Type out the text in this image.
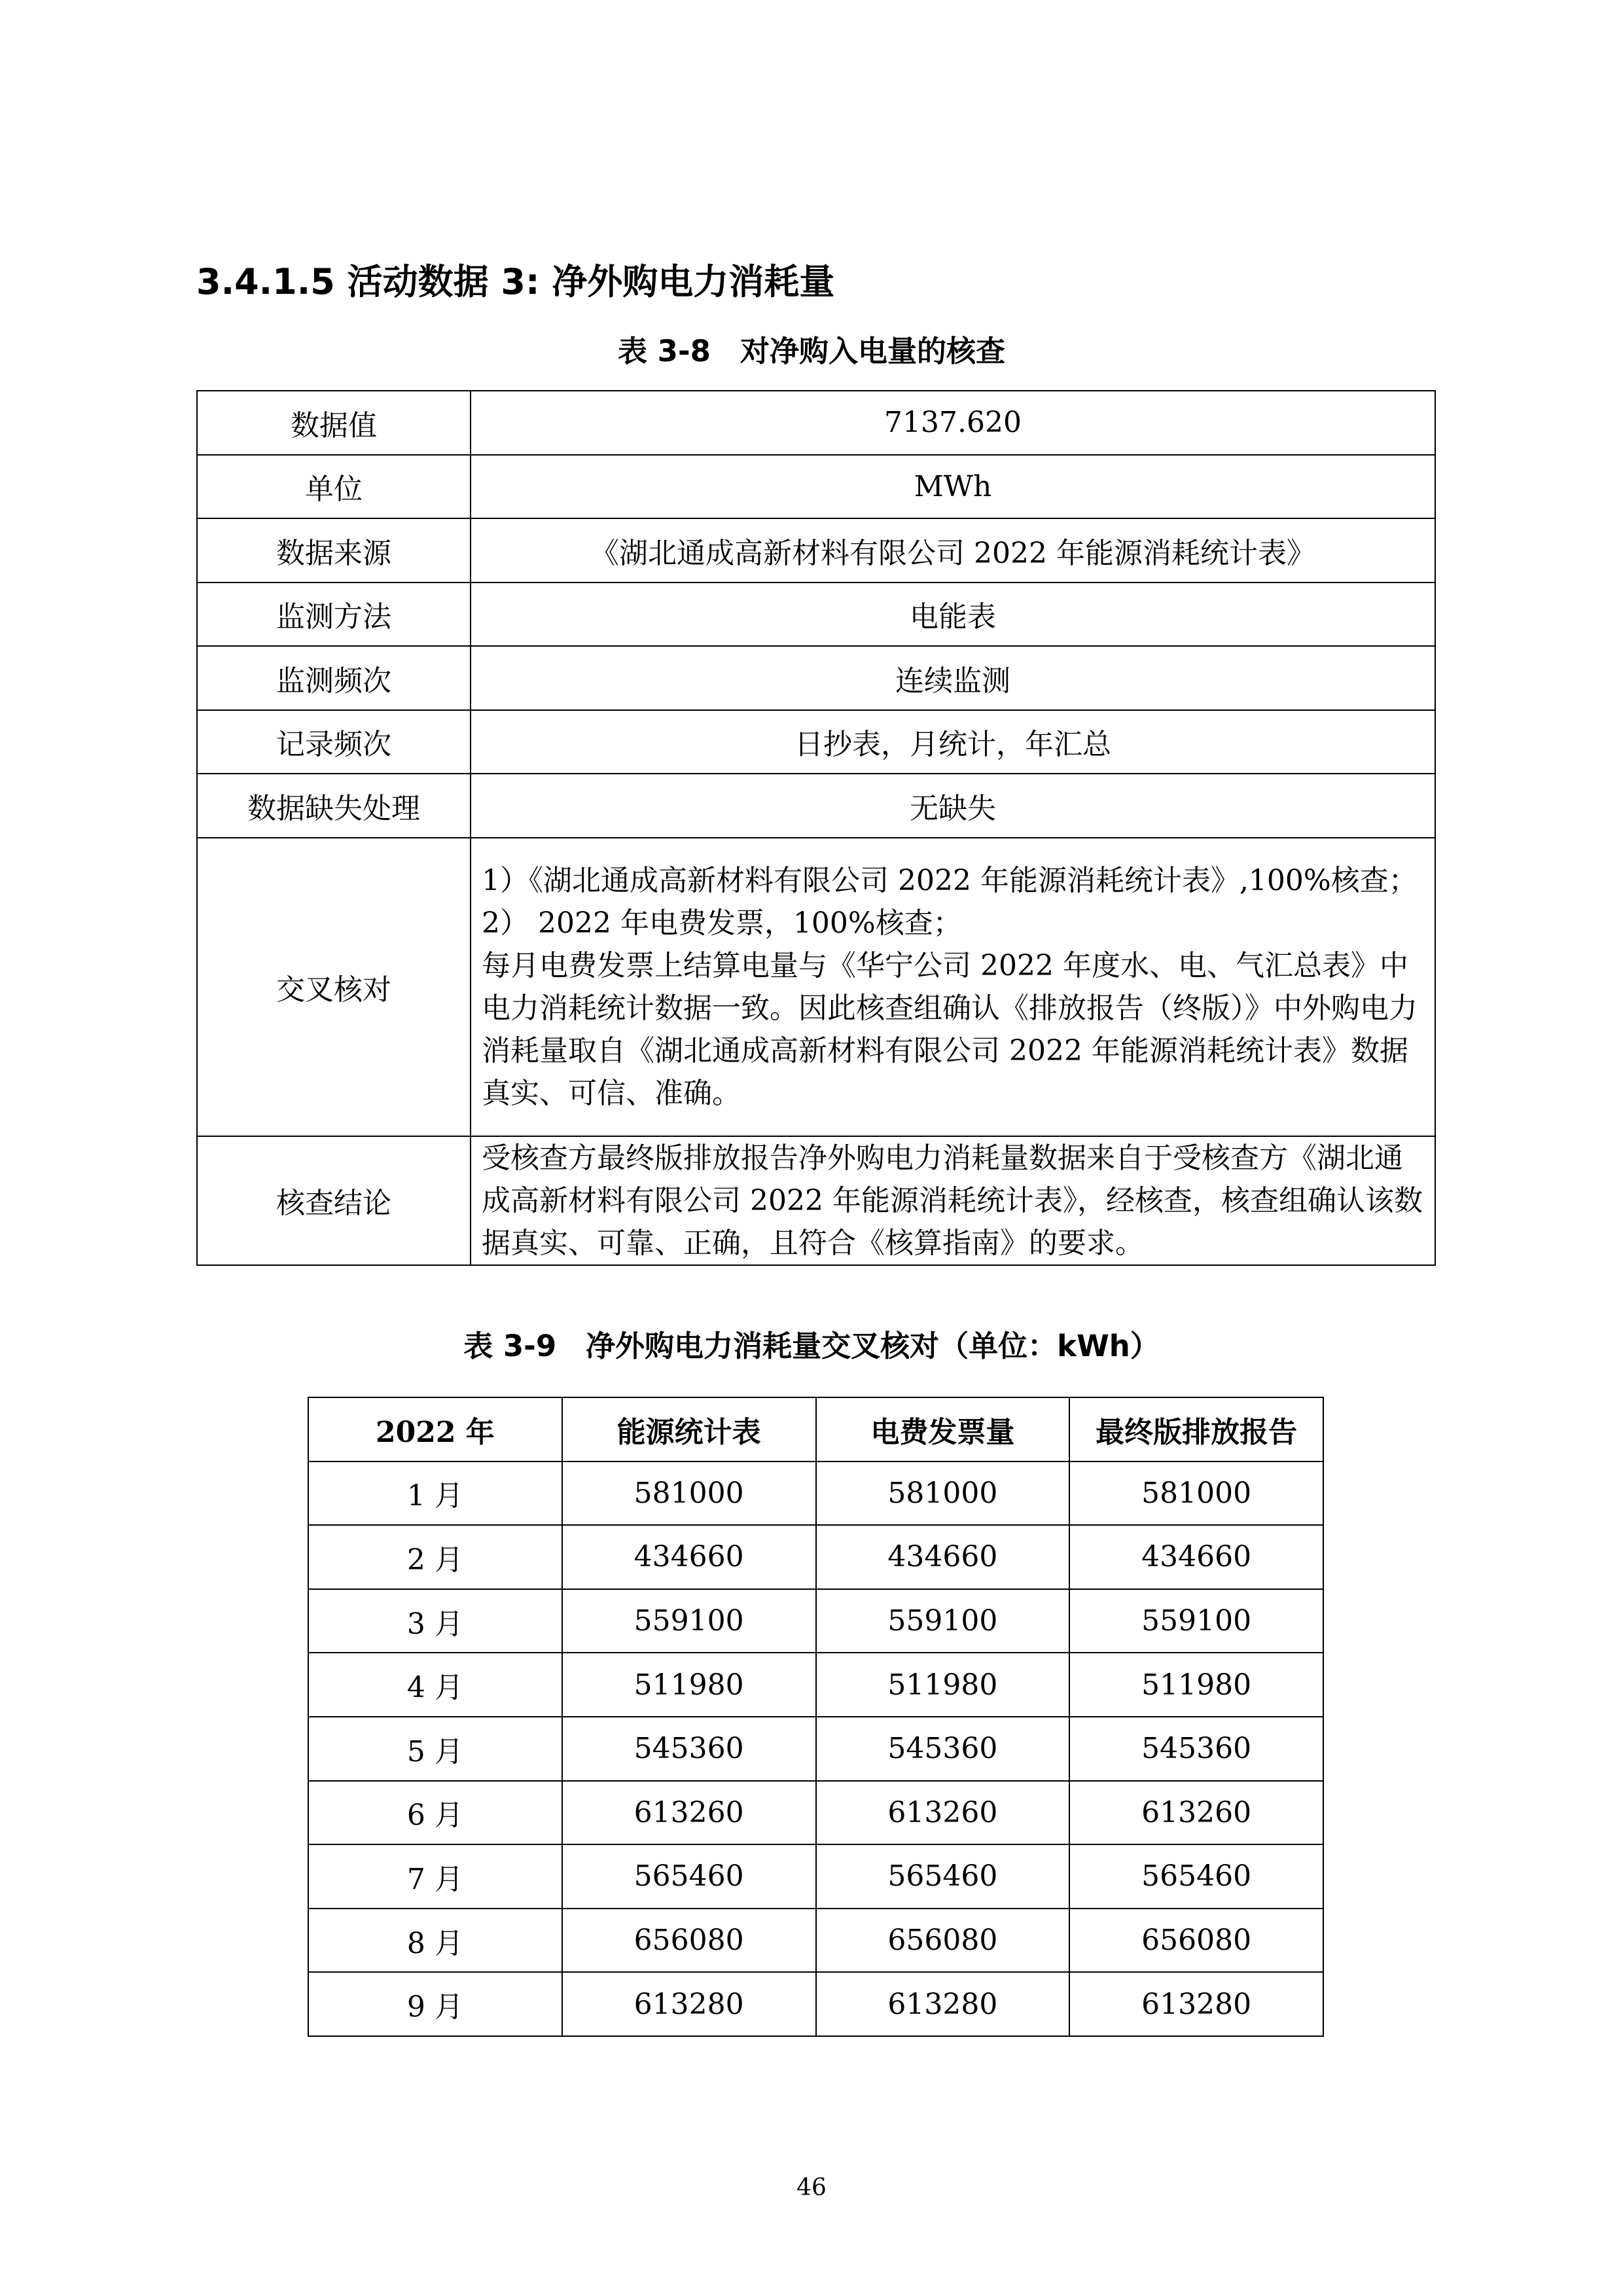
3.4.1.5 活动数据 3: 净外购电力消耗量

表 3-8　对净购入电量的核查

数据值	7137.620
单位	MWh
数据来源	《湖北通成高新材料有限公司 2022 年能源消耗统计表》
监测方法	电能表
监测频次	连续监测
记录频次	日抄表，月统计，年汇总
数据缺失处理	无缺失
交叉核对	1）《湖北通成高新材料有限公司 2022 年能源消耗统计表》,100%核查；
2） 2022 年电费发票，100%核查；
每月电费发票上结算电量与《华宁公司 2022 年度水、电、气汇总表》中电力消耗统计数据一致。因此核查组确认《排放报告（终版）》中外购电力消耗量取自《湖北通成高新材料有限公司 2022 年能源消耗统计表》数据真实、可信、准确。
核查结论	受核查方最终版排放报告净外购电力消耗量数据来自于受核查方《湖北通成高新材料有限公司 2022 年能源消耗统计表》，经核查，核查组确认该数据真实、可靠、正确，且符合《核算指南》的要求。

表 3-9　净外购电力消耗量交叉核对（单位：kWh）

2022 年	能源统计表	电费发票量	最终版排放报告
1 月	581000	581000	581000
2 月	434660	434660	434660
3 月	559100	559100	559100
4 月	511980	511980	511980
5 月	545360	545360	545360
6 月	613260	613260	613260
7 月	565460	565460	565460
8 月	656080	656080	656080
9 月	613280	613280	613280

46
